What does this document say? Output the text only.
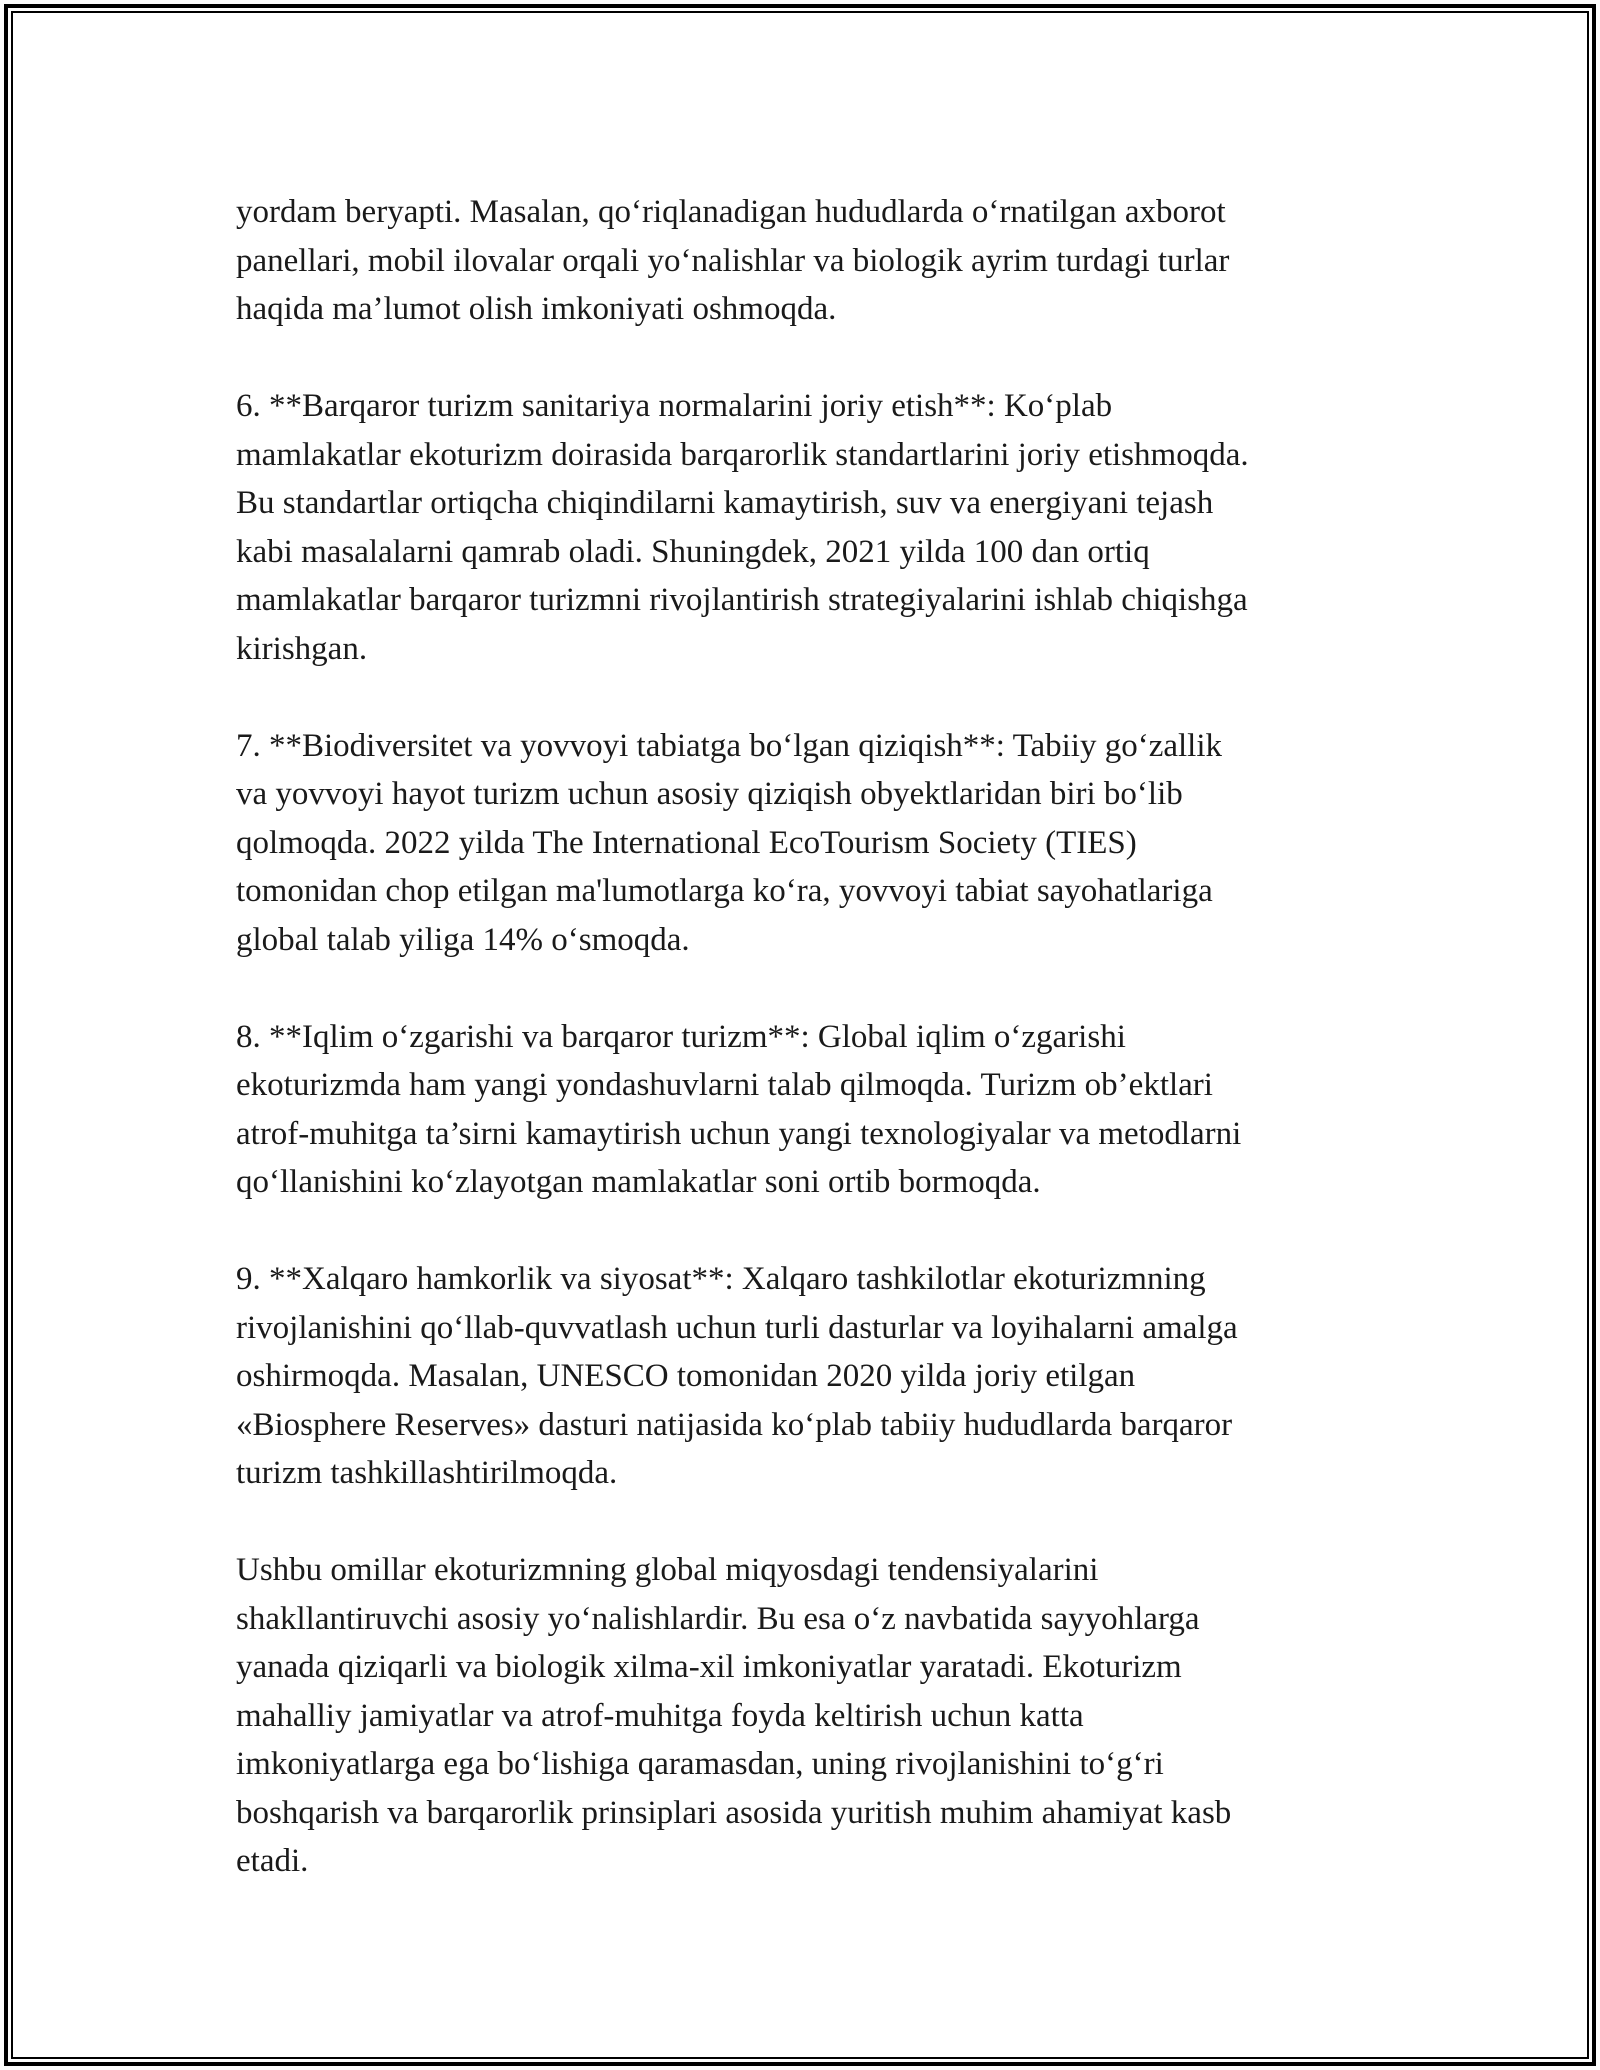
yordam beryapti. Masalan, qo‘riqlanadigan hududlarda o‘rnatilgan axborot
panellari, mobil ilovalar orqali yo‘nalishlar va biologik ayrim turdagi turlar
haqida ma’lumot olish imkoniyati oshmoqda.

6. **Barqaror turizm sanitariya normalarini joriy etish**: Ko‘plab
mamlakatlar ekoturizm doirasida barqarorlik standartlarini joriy etishmoqda.
Bu standartlar ortiqcha chiqindilarni kamaytirish, suv va energiyani tejash
kabi masalalarni qamrab oladi. Shuningdek, 2021 yilda 100 dan ortiq
mamlakatlar barqaror turizmni rivojlantirish strategiyalarini ishlab chiqishga
kirishgan.

7. **Biodiversitet va yovvoyi tabiatga bo‘lgan qiziqish**: Tabiiy go‘zallik
va yovvoyi hayot turizm uchun asosiy qiziqish obyektlaridan biri bo‘lib
qolmoqda. 2022 yilda The International EcoTourism Society (TIES)
tomonidan chop etilgan ma'lumotlarga ko‘ra, yovvoyi tabiat sayohatlariga
global talab yiliga 14% o‘smoqda.

8. **Iqlim o‘zgarishi va barqaror turizm**: Global iqlim o‘zgarishi
ekoturizmda ham yangi yondashuvlarni talab qilmoqda. Turizm ob’ektlari
atrof-muhitga ta’sirni kamaytirish uchun yangi texnologiyalar va metodlarni
qo‘llanishini ko‘zlayotgan mamlakatlar soni ortib bormoqda.

9. **Xalqaro hamkorlik va siyosat**: Xalqaro tashkilotlar ekoturizmning
rivojlanishini qo‘llab-quvvatlash uchun turli dasturlar va loyihalarni amalga
oshirmoqda. Masalan, UNESCO tomonidan 2020 yilda joriy etilgan
«Biosphere Reserves» dasturi natijasida ko‘plab tabiiy hududlarda barqaror
turizm tashkillashtirilmoqda.

Ushbu omillar ekoturizmning global miqyosdagi tendensiyalarini
shakllantiruvchi asosiy yo‘nalishlardir. Bu esa o‘z navbatida sayyohlarga
yanada qiziqarli va biologik xilma-xil imkoniyatlar yaratadi. Ekoturizm
mahalliy jamiyatlar va atrof-muhitga foyda keltirish uchun katta
imkoniyatlarga ega bo‘lishiga qaramasdan, uning rivojlanishini to‘g‘ri
boshqarish va barqarorlik prinsiplari asosida yuritish muhim ahamiyat kasb
etadi.
